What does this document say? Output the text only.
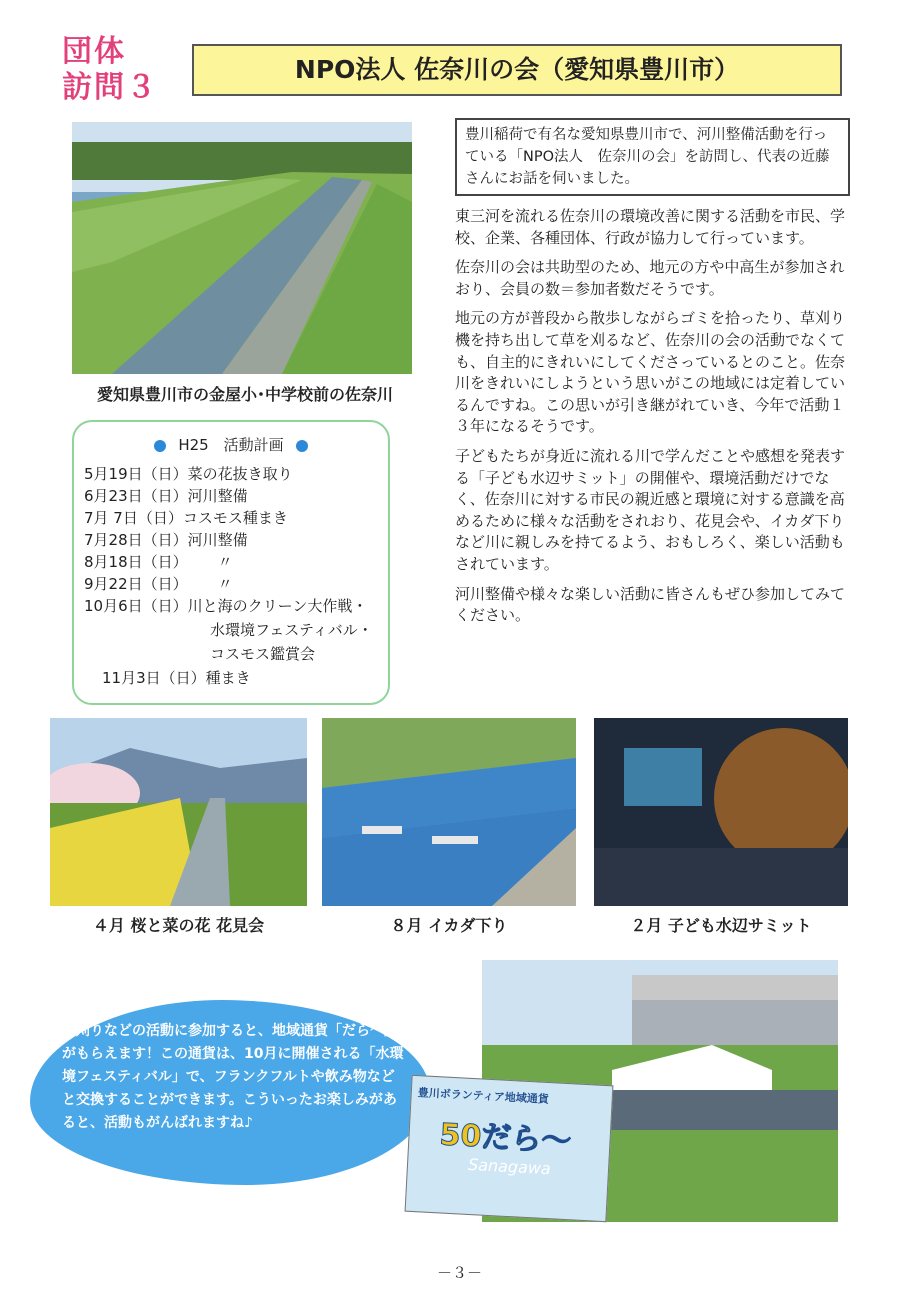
団体
訪問３
NPO法人 佐奈川の会（愛知県豊川市）
愛知県豊川市の金屋小･中学校前の佐奈川
豊川稲荷で有名な愛知県豊川市で、河川整備活動を行っている「NPO法人　佐奈川の会」を訪問し、代表の近藤さんにお話を伺いました。

東三河を流れる佐奈川の環境改善に関する活動を市民、学校、企業、各種団体、行政が協力して行っています。

佐奈川の会は共助型のため、地元の方や中高生が参加されおり、会員の数＝参加者数だそうです。

地元の方が普段から散歩しながらゴミを拾ったり、草刈り機を持ち出して草を刈るなど、佐奈川の会の活動でなくても、自主的にきれいにしてくださっているとのこと。佐奈川をきれいにしようという思いがこの地域には定着しているんですね。この思いが引き継がれていき、今年で活動１３年になるそうです。

子どもたちが身近に流れる川で学んだことや感想を発表する「子ども水辺サミット」の開催や、環境活動だけでなく、佐奈川に対する市民の親近感と環境に対する意識を高めるために様々な活動をされおり、花見会や、イカダ下りなど川に親しみを持てるよう、おもしろく、楽しい活動もされています。

河川整備や様々な楽しい活動に皆さんもぜひ参加してみてください。

H25　活動計画
5月19日（日）菜の花抜き取り
6月23日（日）河川整備
7月 7日（日）コスモス種まき
7月28日（日）河川整備
8月18日（日） 〃
9月22日（日） 〃
10月6日（日）川と海のクリーン大作戦・
水環境フェスティバル・
コスモス鑑賞会
11月3日（日）種まき
４月 桜と菜の花 花見会	８月 イカダ下り	２月 子ども水辺サミット
草刈りなどの活動に参加すると、地域通貨「だら～」がもらえます！この通貨は、10月に開催される「水環境フェスティバル」で、フランクフルトや飲み物などと交換することができます。こういったお楽しみがあると、活動もがんばれますね♪
豊川ボランティア地域通貨
50だら～
Sanagawa
－３－
